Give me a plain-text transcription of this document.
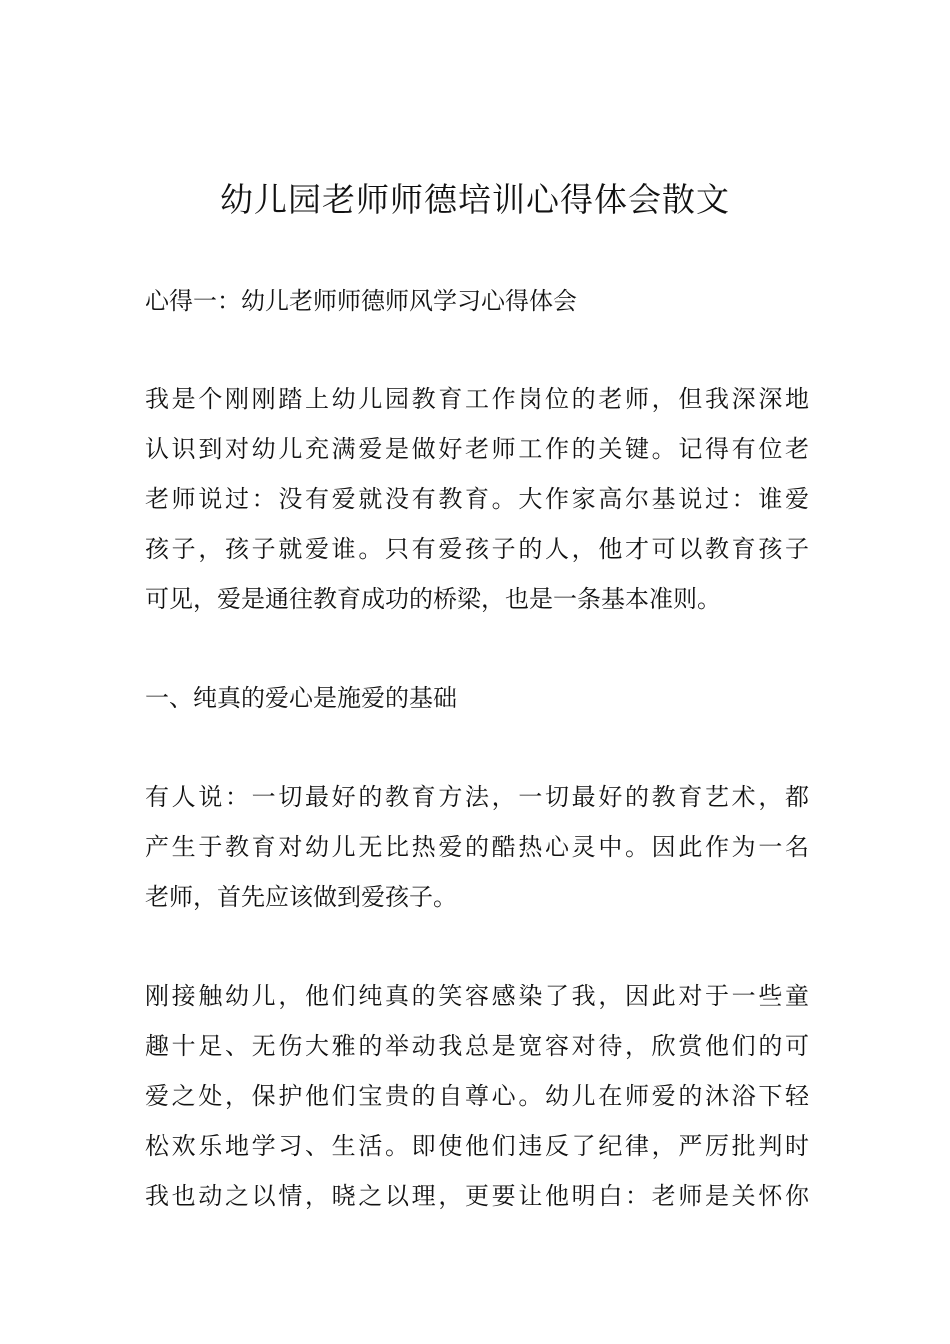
幼儿园老师师德培训心得体会散文
心得一：幼儿老师师德师风学习心得体会
我是个刚刚踏上幼儿园教育工作岗位的老师，但我深深地
认识到对幼儿充满爱是做好老师工作的关键。记得有位老
老师说过：没有爱就没有教育。大作家高尔基说过：谁爱
孩子，孩子就爱谁。只有爱孩子的人，他才可以教育孩子
可见，爱是通往教育成功的桥梁，也是一条基本准则。
一、纯真的爱心是施爱的基础
有人说：一切最好的教育方法，一切最好的教育艺术，都
产生于教育对幼儿无比热爱的酷热心灵中。因此作为一名
老师，首先应该做到爱孩子。
刚接触幼儿，他们纯真的笑容感染了我，因此对于一些童
趣十足、无伤大雅的举动我总是宽容对待，欣赏他们的可
爱之处，保护他们宝贵的自尊心。幼儿在师爱的沐浴下轻
松欢乐地学习、生活。即使他们违反了纪律，严厉批判时
我也动之以情，晓之以理，更要让他明白：老师是关怀你
